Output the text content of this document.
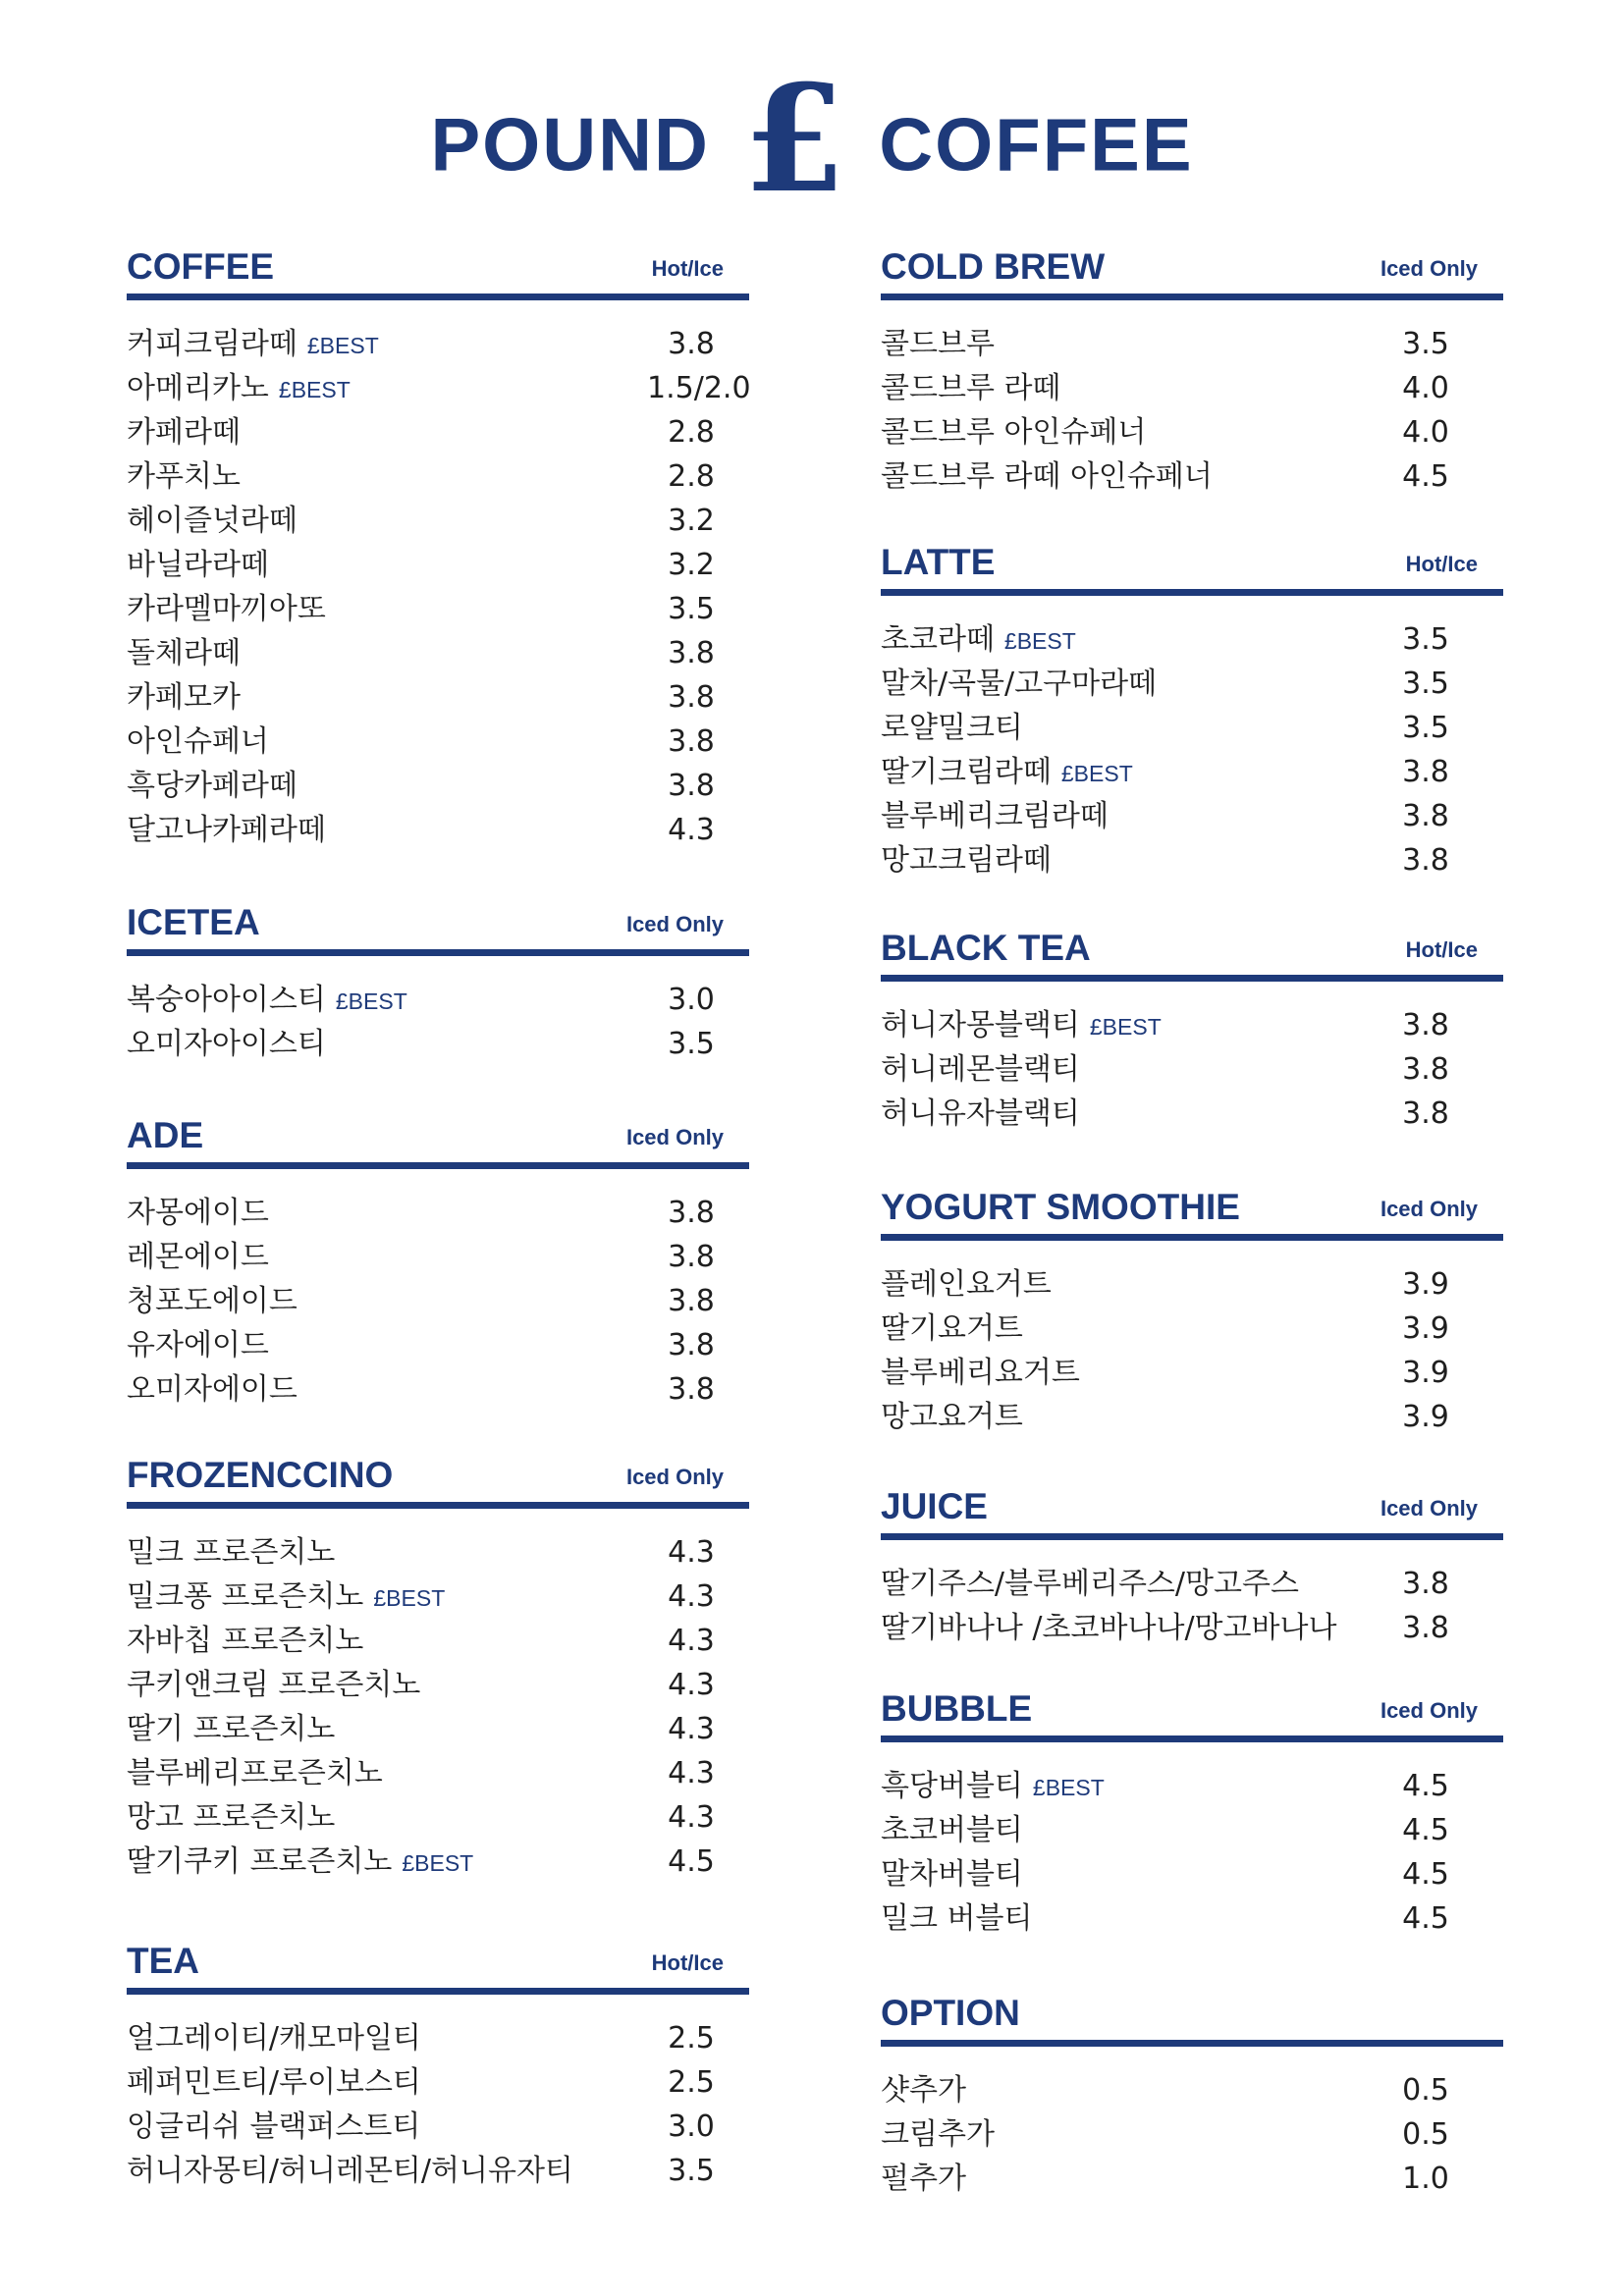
POUND £ COFFEE
COFFEE	Hot/Ice
커피크림라떼 £BEST	3.8
아메리카노 £BEST	1.5/2.0
카페라떼	2.8
카푸치노	2.8
헤이즐넛라떼	3.2
바닐라라떼	3.2
카라멜마끼아또	3.5
돌체라떼	3.8
카페모카	3.8
아인슈페너	3.8
흑당카페라떼	3.8
달고나카페라떼	4.3
ICETEA	Iced Only
복숭아아이스티 £BEST	3.0
오미자아이스티	3.5
ADE	Iced Only
자몽에이드	3.8
레몬에이드	3.8
청포도에이드	3.8
유자에이드	3.8
오미자에이드	3.8
FROZENCCINO	Iced Only
밀크 프로즌치노	4.3
밀크퐁 프로즌치노 £BEST	4.3
자바칩 프로즌치노	4.3
쿠키앤크림 프로즌치노	4.3
딸기 프로즌치노	4.3
블루베리프로즌치노	4.3
망고 프로즌치노	4.3
딸기쿠키 프로즌치노 £BEST	4.5
TEA	Hot/Ice
얼그레이티/캐모마일티	2.5
페퍼민트티/루이보스티	2.5
잉글리쉬 블랙퍼스트티	3.0
허니자몽티/허니레몬티/허니유자티	3.5
COLD BREW	Iced Only
콜드브루	3.5
콜드브루 라떼	4.0
콜드브루 아인슈페너	4.0
콜드브루 라떼 아인슈페너	4.5
LATTE	Hot/Ice
초코라떼 £BEST	3.5
말차/곡물/고구마라떼	3.5
로얄밀크티	3.5
딸기크림라떼 £BEST	3.8
블루베리크림라떼	3.8
망고크림라떼	3.8
BLACK TEA	Hot/Ice
허니자몽블랙티 £BEST	3.8
허니레몬블랙티	3.8
허니유자블랙티	3.8
YOGURT SMOOTHIE	Iced Only
플레인요거트	3.9
딸기요거트	3.9
블루베리요거트	3.9
망고요거트	3.9
JUICE	Iced Only
딸기주스/블루베리주스/망고주스	3.8
딸기바나나 /초코바나나/망고바나나	3.8
BUBBLE	Iced Only
흑당버블티 £BEST	4.5
초코버블티	4.5
말차버블티	4.5
밀크 버블티	4.5
OPTION
샷추가	0.5
크림추가	0.5
펄추가	1.0
